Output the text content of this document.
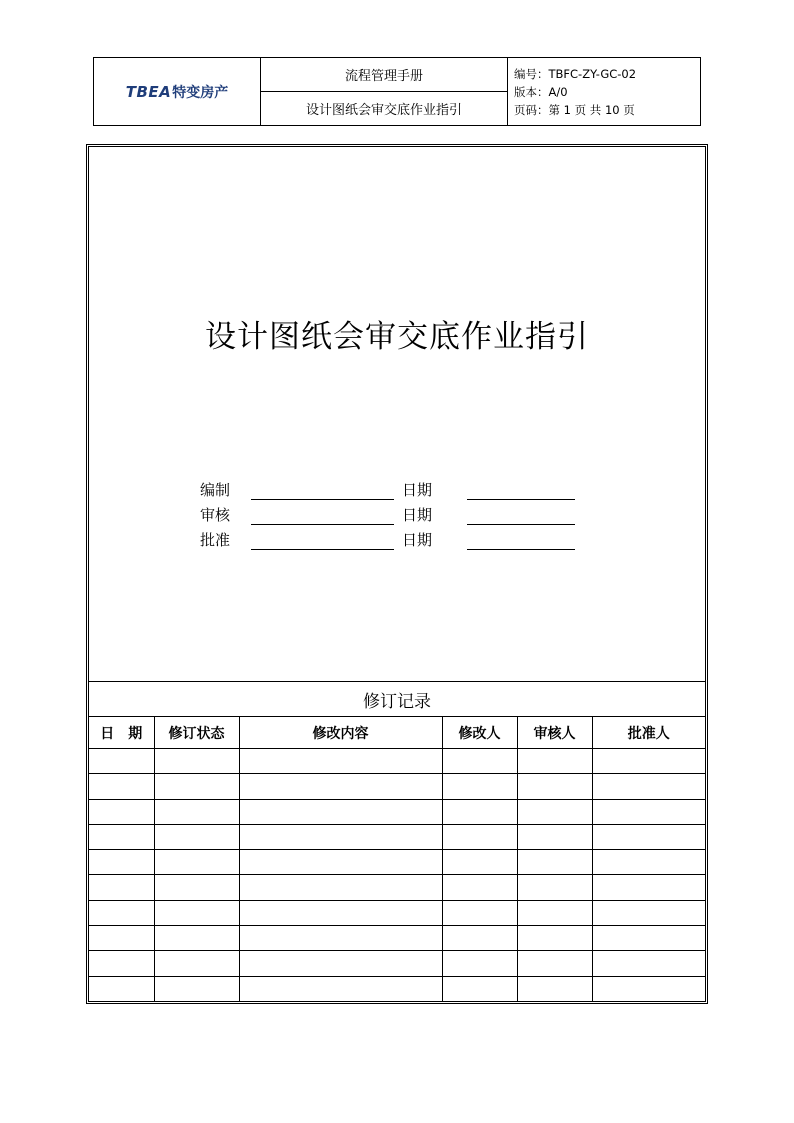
TBEA 特变房产
流程管理手册
设计图纸会审交底作业指引
编号：TBFC-ZY-GC-02
版本：A/0
页码：第 1 页 共 10 页
设计图纸会审交底作业指引
编制	日期
审核	日期
批准	日期
修订记录					
日　期	修订状态	修改内容	修改人	审核人	批准人
